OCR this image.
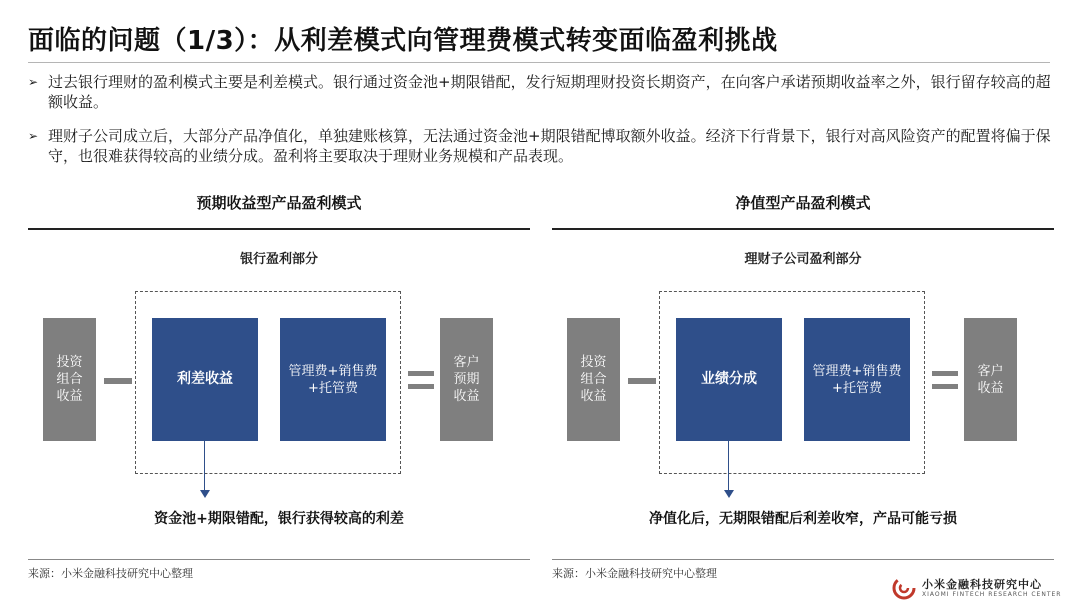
面临的问题（1/3）：从利差模式向管理费模式转变面临盈利挑战
➢ 过去银行理财的盈利模式主要是利差模式。银行通过资金池+期限错配，发行短期理财投资长期资产，在向客户承诺预期收益率之外，银行留存较高的超额收益。
➢ 理财子公司成立后，大部分产品净值化，单独建账核算，无法通过资金池+期限错配博取额外收益。经济下行背景下，银行对高风险资产的配置将偏于保守，也很难获得较高的业绩分成。盈利将主要取决于理财业务规模和产品表现。
预期收益型产品盈利模式
银行盈利部分
投资组合收益
利差收益	管理费+销售费+托管费
客户预期收益
资金池+期限错配，银行获得较高的利差
来源：小米金融科技研究中心整理
净值型产品盈利模式
理财子公司盈利部分
投资组合收益
业绩分成	管理费+销售费+托管费
客户收益
净值化后，无期限错配后利差收窄，产品可能亏损
来源：小米金融科技研究中心整理
小米金融科技研究中心
XIAOMI FINTECH RESEARCH CENTER
